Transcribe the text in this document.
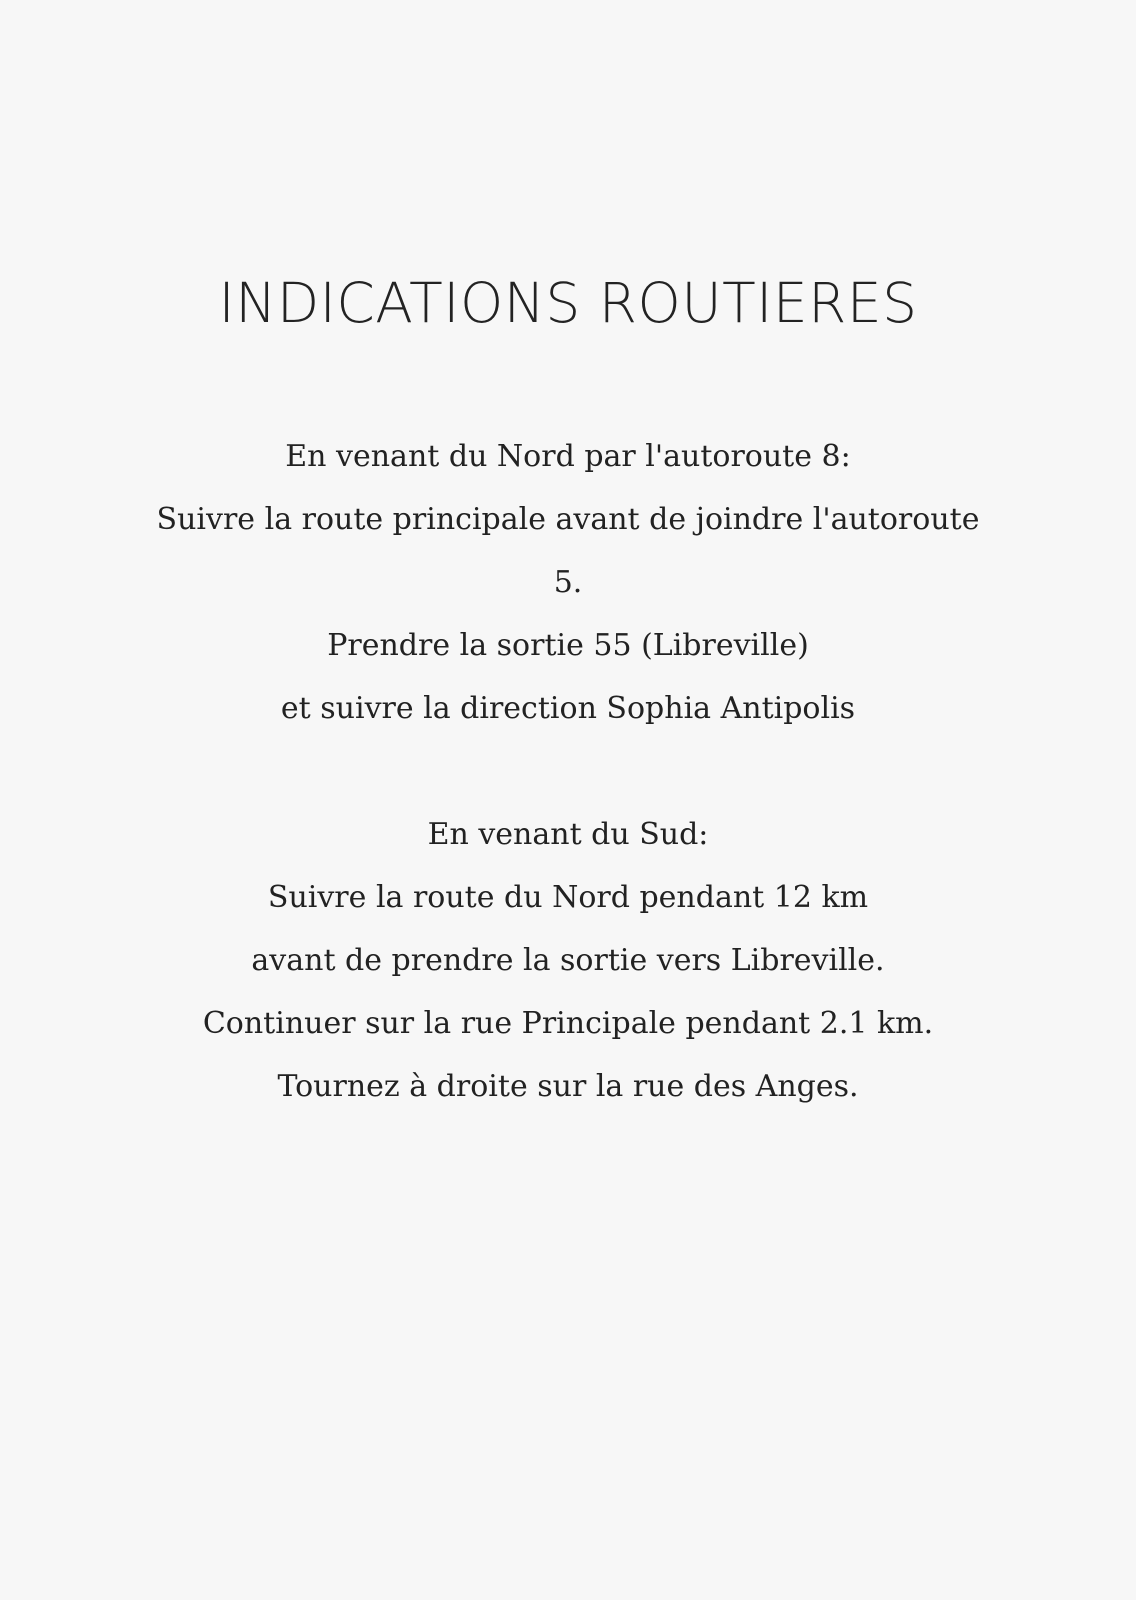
INDICATIONS ROUTIERES

En venant du Nord par l'autoroute 8:

Suivre la route principale avant de joindre l'autoroute

5.

Prendre la sortie 55 (Libreville)

et suivre la direction Sophia Antipolis

En venant du Sud:

Suivre la route du Nord pendant 12 km

avant de prendre la sortie vers Libreville.

Continuer sur la rue Principale pendant 2.1 km.

Tournez à droite sur la rue des Anges.
